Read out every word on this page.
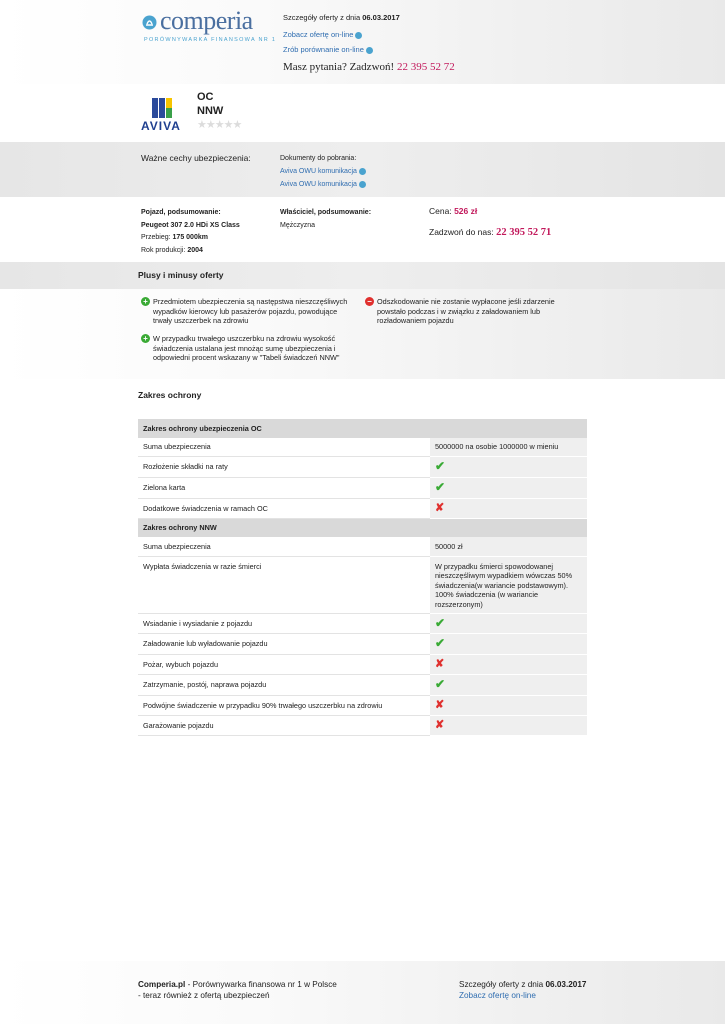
comperia
PORÓWNYWARKA FINANSOWA NR 1
Szczegóły oferty z dnia 06.03.2017
Zobacz ofertę on-line
Zrób porównanie on-line
Masz pytania? Zadzwoń! 22 395 52 72
AVIVA
OC
NNW
★★★★★
Ważne cechy ubezpieczenia:	Dokumenty do pobrania:
Aviva OWU komunikacja
Aviva OWU komunikacja
Pojazd, podsumowanie:
Peugeot 307 2.0 HDi XS Class
Przebieg: 175 000km
Rok produkcji: 2004
Właściciel, podsumowanie:
Mężczyzna
Cena: 526 zł
Zadzwoń do nas: 22 395 52 71
Plusy i minusy oferty
+ Przedmiotem ubezpieczenia są następstwa nieszczęśliwych wypadków kierowcy lub pasażerów pojazdu, powodujące trwały uszczerbek na zdrowiu
+ W przypadku trwałego uszczerbku na zdrowiu wysokość świadczenia ustalana jest mnożąc sumę ubezpieczenia i odpowiedni procent wskazany w "Tabeli świadczeń NNW"
− Odszkodowanie nie zostanie wypłacone jeśli zdarzenie powstało podczas i w związku z załadowaniem lub rozładowaniem pojazdu
Zakres ochrony
Zakres ochrony ubezpieczenia OC	
Suma ubezpieczenia	5000000 na osobie 1000000 w mieniu
Rozłożenie składki na raty	✔
Zielona karta	✔
Dodatkowe świadczenia w ramach OC	✘
Zakres ochrony NNW	
Suma ubezpieczenia	50000 zł
Wypłata świadczenia w razie śmierci	W przypadku śmierci spowodowanej nieszczęśliwym wypadkiem wówczas 50% świadczenia(w wariancie podstawowym). 100% świadczenia (w wariancie rozszerzonym)
Wsiadanie i wysiadanie z pojazdu	✔
Załadowanie lub wyładowanie pojazdu	✔
Pożar, wybuch pojazdu	✘
Zatrzymanie, postój, naprawa pojazdu	✔
Podwójne świadczenie w przypadku 90% trwałego uszczerbku na zdrowiu	✘
Garażowanie pojazdu	✘
Comperia.pl - Porównywarka finansowa nr 1 w Polsce
- teraz również z ofertą ubezpieczeń
Szczegóły oferty z dnia 06.03.2017
Zobacz ofertę on-line
